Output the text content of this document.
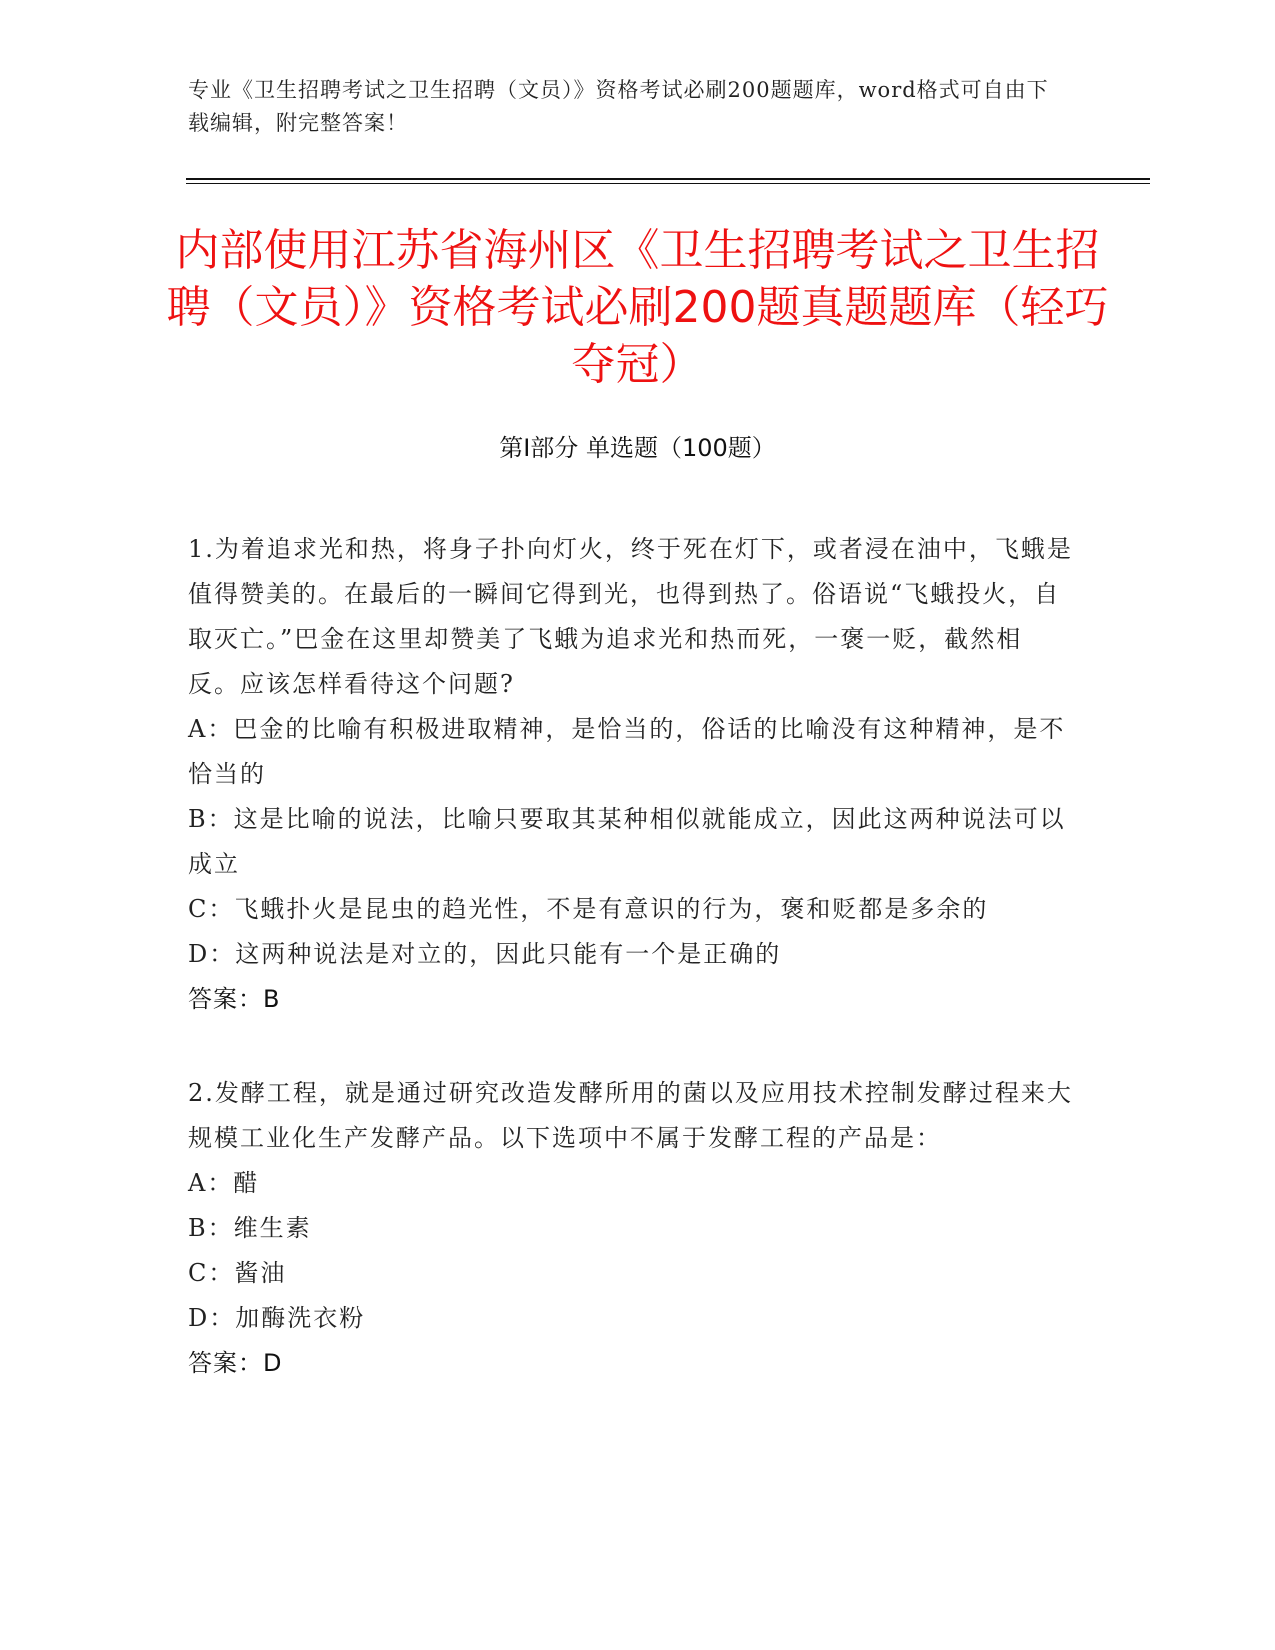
专业《卫生招聘考试之卫生招聘（文员）》资格考试必刷200题题库，word格式可自由下载编辑，附完整答案！
内部使用江苏省海州区《卫生招聘考试之卫生招聘（文员）》资格考试必刷200题真题题库（轻巧夺冠）
第Ⅰ部分 单选题（100题）

1.为着追求光和热，将身子扑向灯火，终于死在灯下，或者浸在油中，飞蛾是值得赞美的。在最后的一瞬间它得到光，也得到热了。俗语说“飞蛾投火，自取灭亡。”巴金在这里却赞美了飞蛾为追求光和热而死，一褒一贬，截然相反。应该怎样看待这个问题?

A：巴金的比喻有积极进取精神，是恰当的，俗话的比喻没有这种精神，是不恰当的

B：这是比喻的说法，比喻只要取其某种相似就能成立，因此这两种说法可以成立

C：飞蛾扑火是昆虫的趋光性，不是有意识的行为，褒和贬都是多余的

D：这两种说法是对立的，因此只能有一个是正确的

答案：B

2.发酵工程，就是通过研究改造发酵所用的菌以及应用技术控制发酵过程来大规模工业化生产发酵产品。以下选项中不属于发酵工程的产品是：

A：醋

B：维生素

C：酱油

D：加酶洗衣粉

答案：D
